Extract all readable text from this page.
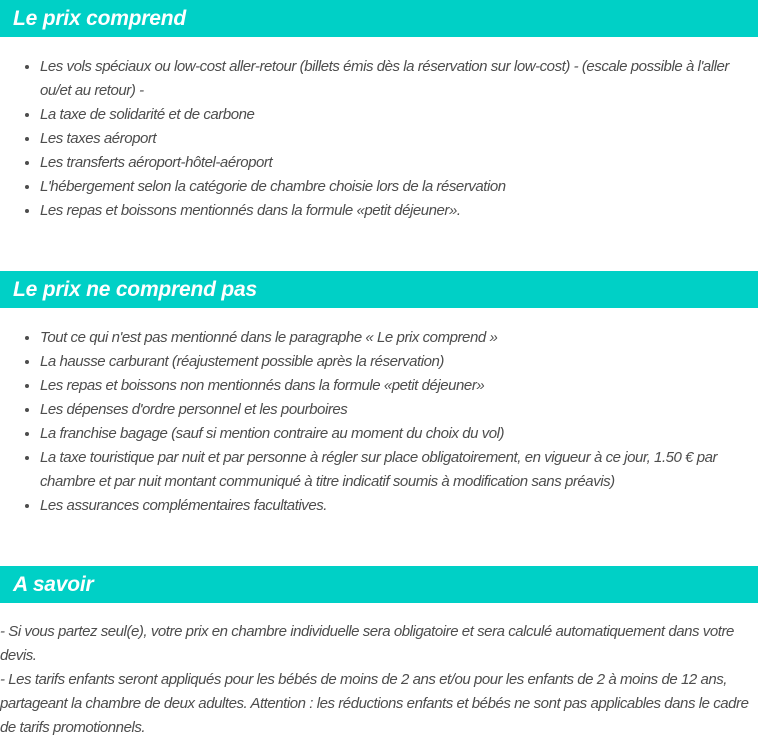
Le prix comprend
• Les vols spéciaux ou low-cost aller-retour (billets émis dès la réservation sur low-cost) - (escale possible à l'aller ou/et au retour) -
• La taxe de solidarité et de carbone
• Les taxes aéroport
• Les transferts aéroport-hôtel-aéroport
• L'hébergement selon la catégorie de chambre choisie lors de la réservation
• Les repas et boissons mentionnés dans la formule «petit déjeuner».
Le prix ne comprend pas
• Tout ce qui n'est pas mentionné dans le paragraphe « Le prix comprend »
• La hausse carburant (réajustement possible après la réservation)
• Les repas et boissons non mentionnés dans la formule «petit déjeuner»
• Les dépenses d'ordre personnel et les pourboires
• La franchise bagage (sauf si mention contraire au moment du choix du vol)
• La taxe touristique par nuit et par personne à régler sur place obligatoirement, en vigueur à ce jour, 1.50 € par chambre et par nuit montant communiqué à titre indicatif soumis à modification sans préavis)
• Les assurances complémentaires facultatives.
A savoir

- Si vous partez seul(e), votre prix en chambre individuelle sera obligatoire et sera calculé automatiquement dans votre devis.

- Les tarifs enfants seront appliqués pour les bébés de moins de 2 ans et/ou pour les enfants de 2 à moins de 12 ans, partageant la chambre de deux adultes. Attention : les réductions enfants et bébés ne sont pas applicables dans le cadre de tarifs promotionnels.
